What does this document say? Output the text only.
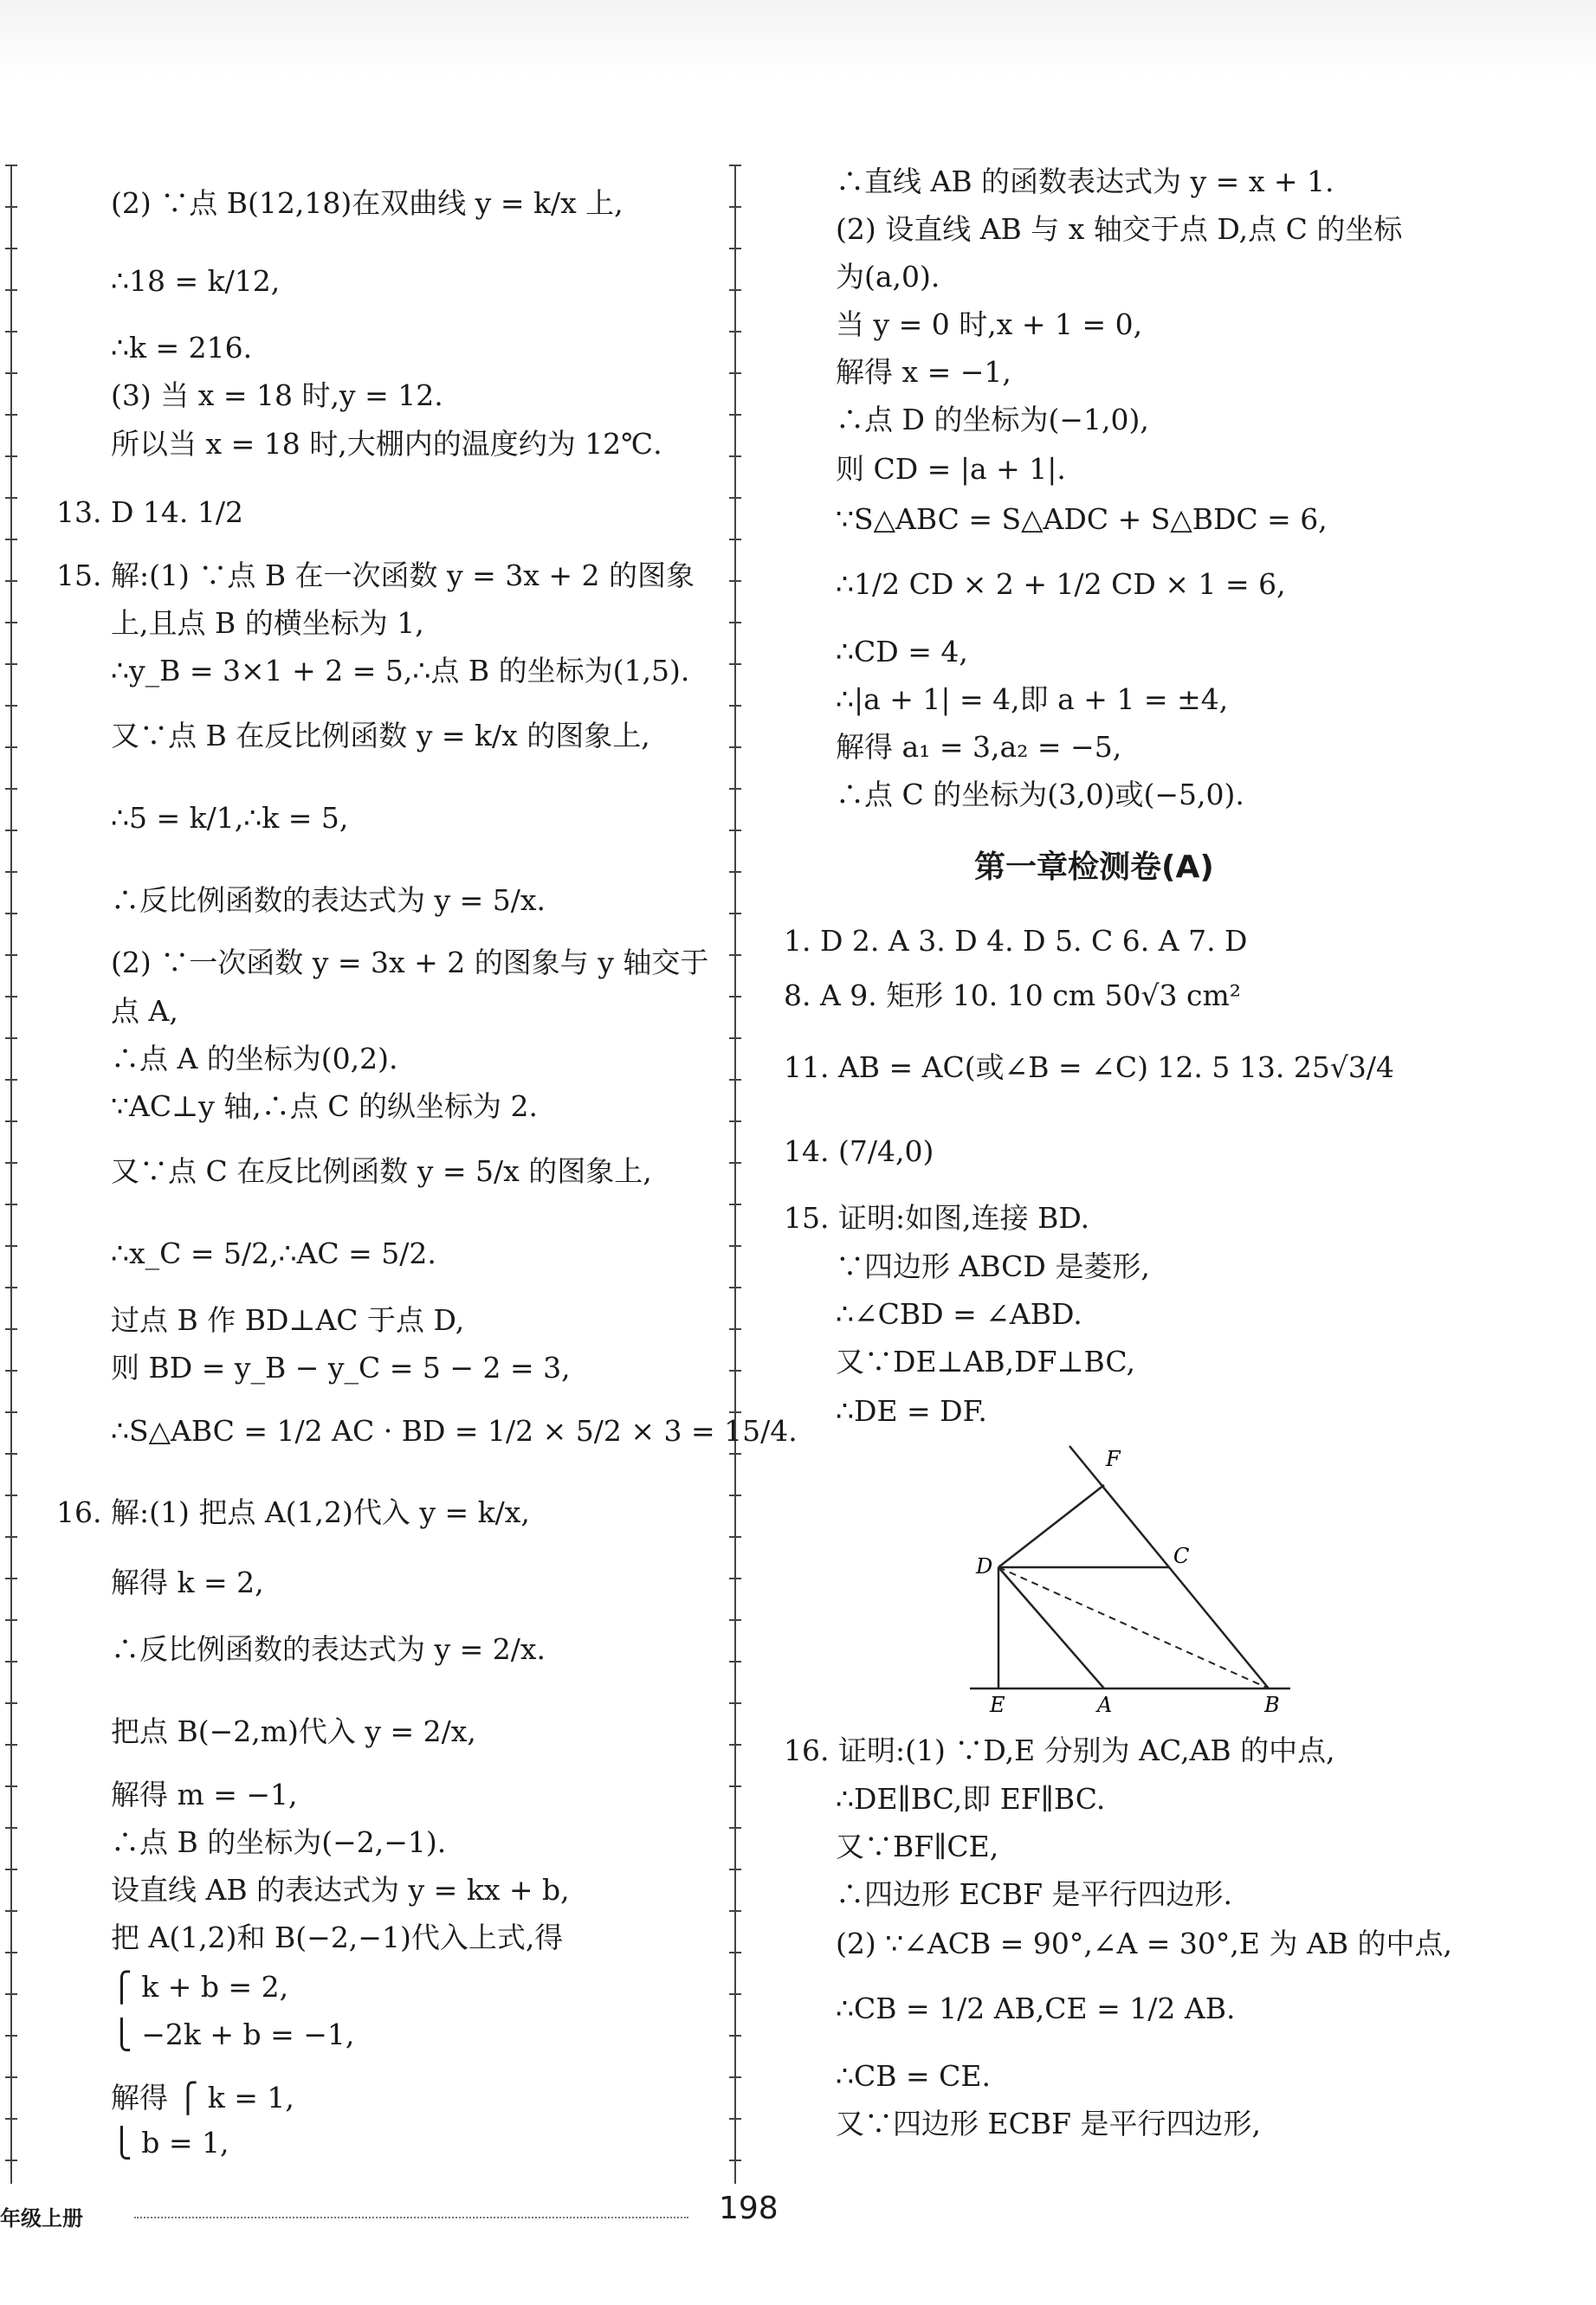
(2) ∵点 B(12,18)在双曲线 y = k/x 上,
∴18 = k/12,
∴k = 216.
(3) 当 x = 18 时,y = 12.
所以当 x = 18 时,大棚内的温度约为 12℃.
13. D 14. 1/2
15. 解:(1) ∵点 B 在一次函数 y = 3x + 2 的图象
上,且点 B 的横坐标为 1,
∴y_B = 3×1 + 2 = 5,∴点 B 的坐标为(1,5).
又∵点 B 在反比例函数 y = k/x 的图象上,
∴5 = k/1,∴k = 5,
∴反比例函数的表达式为 y = 5/x.
(2) ∵一次函数 y = 3x + 2 的图象与 y 轴交于
点 A,
∴点 A 的坐标为(0,2).
∵AC⊥y 轴,∴点 C 的纵坐标为 2.
又∵点 C 在反比例函数 y = 5/x 的图象上,
∴x_C = 5/2,∴AC = 5/2.
过点 B 作 BD⊥AC 于点 D,
则 BD = y_B − y_C = 5 − 2 = 3,
∴S△ABC = 1/2 AC · BD = 1/2 × 5/2 × 3 = 15/4.
16. 解:(1) 把点 A(1,2)代入 y = k/x,
解得 k = 2,
∴反比例函数的表达式为 y = 2/x.
把点 B(−2,m)代入 y = 2/x,
解得 m = −1,
∴点 B 的坐标为(−2,−1).
设直线 AB 的表达式为 y = kx + b,
把 A(1,2)和 B(−2,−1)代入上式,得
⎧ k + b = 2,
⎩ −2k + b = −1,
解得 ⎧ k = 1,
⎩ b = 1,
∴直线 AB 的函数表达式为 y = x + 1.
(2) 设直线 AB 与 x 轴交于点 D,点 C 的坐标
为(a,0).
当 y = 0 时,x + 1 = 0,
解得 x = −1,
∴点 D 的坐标为(−1,0),
则 CD = |a + 1|.
∵S△ABC = S△ADC + S△BDC = 6,
∴1/2 CD × 2 + 1/2 CD × 1 = 6,
∴CD = 4,
∴|a + 1| = 4,即 a + 1 = ±4,
解得 a₁ = 3,a₂ = −5,
∴点 C 的坐标为(3,0)或(−5,0).
第一章检测卷(A)
1. D 2. A 3. D 4. D 5. C 6. A 7. D
8. A 9. 矩形 10. 10 cm 50√3 cm²
11. AB = AC(或∠B = ∠C) 12. 5 13. 25√3/4
14. (7/4,0)
15. 证明:如图,连接 BD.
∵四边形 ABCD 是菱形,
∴∠CBD = ∠ABD.
又∵DE⊥AB,DF⊥BC,
∴DE = DF.
16. 证明:(1) ∵D,E 分别为 AC,AB 的中点,
∴DE∥BC,即 EF∥BC.
又∵BF∥CE,
∴四边形 ECBF 是平行四边形.
(2) ∵∠ACB = 90°,∠A = 30°,E 为 AB 的中点,
∴CB = 1/2 AB,CE = 1/2 AB.
∴CB = CE.
又∵四边形 ECBF 是平行四边形,
F
C
D
E	A	B
年级上册	198
